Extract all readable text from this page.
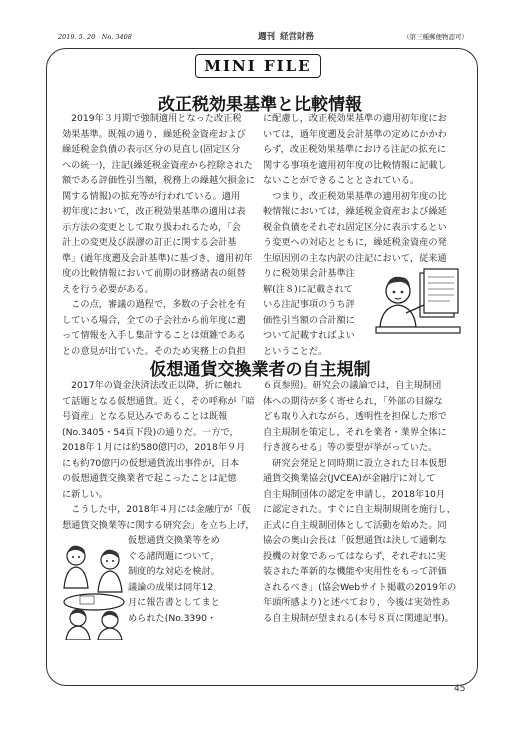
2019. 5. 20　No. 3408	週刊 経営財務	（第三種郵便物認可）
MINI FILE
改正税効果基準と比較情報

　2019年３月期で強制適用となった改正税

効果基準。既報の通り，繰延税金資産および

繰延税金負債の表示区分の見直し(固定区分

への統一)，注記(繰延税金資産から控除された

額である評価性引当額，税務上の繰越欠損金に

関する情報)の拡充等が行われている。適用

初年度において，改正税効果基準の適用は表

示方法の変更として取り扱われるため，「会

計上の変更及び誤謬の訂正に関する会計基

準」(過年度遡及会計基準)に基づき，適用初年

度の比較情報において前期の財務諸表の組替

えを行う必要がある。

　この点，審議の過程で，多数の子会社を有

している場合，全ての子会社から前年度に遡

って情報を入手し集計することは煩雑である

との意見が出ていた。そのため実務上の負担

に配慮し，改正税効果基準の適用初年度にお

いては，過年度遡及会計基準の定めにかかわ

らず，改正税効果基準における注記の拡充に

関する事項を適用初年度の比較情報に記載し

ないことができることとされている。

　つまり，改正税効果基準の適用初年度の比

較情報においては，繰延税金資産および繰延

税金負債をそれぞれ固定区分に表示するとい

う変更への対応とともに，繰延税金資産の発

生原因別の主な内訳の注記において，従来通

りに税効果会計基準注

解(注８)に記載されて

いる注記事項のうち評

価性引当額の合計額に

ついて記載すればよい

ということだ。

仮想通貨交換業者の自主規制

　2017年の資金決済法改正以降，折に触れ

て話題となる仮想通貨。近く，その呼称が「暗

号資産」となる見込みであることは既報

(No.3405・54頁下段)の通りだ。一方で，

2018年１月には約580億円の，2018年９月

にも約70億円の仮想通貨流出事件が，日本

の仮想通貨交換業者で起こったことは記憶

に新しい。

　こうした中，2018年４月には金融庁が「仮

想通貨交換業等に関する研究会」を立ち上げ，

仮想通貨交換業等をめ

ぐる諸問題について，

制度的な対応を検討。

議論の成果は同年12

月に報告書としてまと

められた(No.3390・

６頁参照)。研究会の議論では，自主規制団

体への期待が多く寄せられ，「外部の目線な

ども取り入れながら，透明性を担保した形で

自主規制を策定し，それを業者・業界全体に

行き渡らせる」等の要望が挙がっていた。

　研究会発足と同時期に設立された日本仮想

通貨交換業協会(JVCEA)が金融庁に対して

自主規制団体の認定を申請し，2018年10月

に認定された。すぐに自主規制規則を施行し，

正式に自主規制団体として活動を始めた。同

協会の奥山会長は「仮想通貨は決して通剰な

投機の対象であってはならず，それぞれに実

装された革新的な機能や実用性をもって評価

されるべき」(協会Webサイト掲載の2019年の

年頭所感より)と述べており，今後は実効性あ

る自主規制が望まれる(本号８頁に関連記事)。

45
